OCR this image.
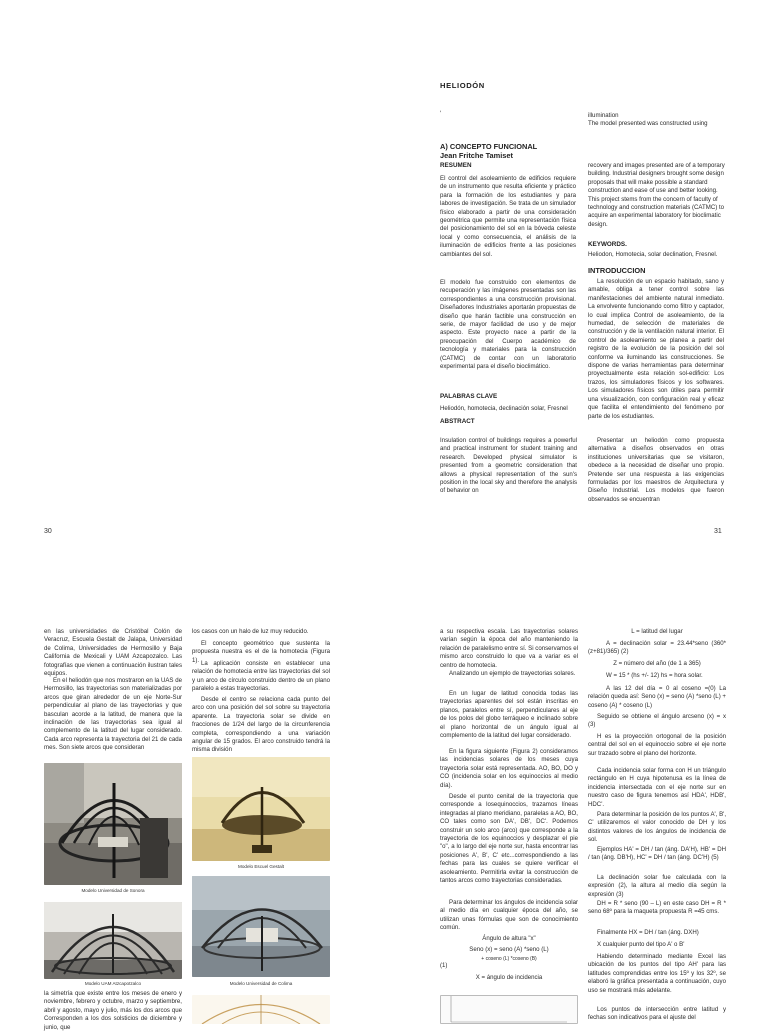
HELIODÓN
‘
A) CONCEPTO FUNCIONAL
Jean Fritche Tamiset
RESUMEN
El control del asoleamiento de edificios requiere de un instrumento que resulta eficiente y práctico para la formación de los estudiantes y para labores de investigación. Se trata de un simulador físico elaborado a partir de una consideración geométrica que permite una representación física del posicionamiento del sol en la bóveda celeste local y como consecuencia, el análisis de la iluminación de edificios frente a las posiciones cambiantes del sol.
El modelo fue construido con elementos de recuperación y las imágenes presentadas son las correspondientes a una construcción provisional. Diseñadores Industriales aportarán propuestas de diseño que harán factible una construcción en serie, de mayor facilidad de uso y de mejor aspecto. Este proyecto nace a partir de la preocupación del Cuerpo académico de tecnología y materiales para la construcción (CATMC) de contar con un laboratorio experimental para el diseño bioclimático.
PALABRAS CLAVE
Heliodón, homotecia, declinación solar, Fresnel
ABSTRACT
Insulation control of buildings requires a powerful and practical instrument for student training and research. Developed physical simulator is presented from a geometric consideration that allows a physical representation of the sun's position in the local sky and therefore the analysis of behavior on
illumination
The model presented was constructed using
recovery and images presented are of a temporary building. Industrial designers brought some design proposals that will make possible a standard construction and ease of use and better looking. This project stems from the concern of faculty of technology and construction materials (CATMC) to acquire an experimental laboratory for bioclimatic design.
KEYWORDS.
Heliodon, Homotecia, solar declination, Fresnel.
INTRODUCCION
La resolución de un espacio habitado, sano y amable, obliga a tener control sobre las manifestaciones del ambiente natural inmediato. La envolvente funcionando como filtro y captador, lo cual implica Control de asoleamiento, de la humedad, de selección de materiales de construcción y de la ventilación natural interior. El control de asoleamiento se planea a partir del registro de la evolución de la posición del sol conforme va iluminando las construcciones. Se dispone de varias herramientas para determinar proyectualmente esta relación sol-edificio: Los trazos, los simuladores físicos y los softwares. Los simuladores físicos son útiles para permitir una visualización, con configuración real y eficaz que facilita el entendimiento del fenómeno por parte de los estudiantes.
Presentar un heliodón como propuesta alternativa a diseños observados en otras instituciones universitarias que se visitaron, obedece a la necesidad de diseñar uno propio. Pretende ser una respuesta a las exigencias formuladas por los maestros de Arquitectura y Diseño Industrial. Los modelos que fueron observados se encuentran
30	31
en las universidades de Cristóbal Colón de Veracruz, Escuela Gestalt de Jalapa, Universidad de Colima, Universidades de Hermosillo y Baja California de Mexicali y UAM Azcapozalco. Las fotografías que vienen a continuación ilustran tales equipos.
En el heliodón que nos mostraron en la UAS de Hermosillo, las trayectorias son materializadas por arcos que giran alrededor de un eje Norte-Sur perpendicular al plano de las trayectorias y que basculan acorde a la latitud, de manera que la inclinación de las trayectorias sea igual al complemento de la latitud del lugar considerado. Cada arco representa la trayectoria del 21 de cada mes. Son siete arcos que consideran
Modelo Universidad de Sonora
Modelo UAM Atzcapotzalco
la simetría que existe entre los meses de enero y noviembre, febrero y octubre, marzo y septiembre, abril y agosto, mayo y julio, más los dos arcos que Corresponden a los dos solsticios de diciembre y junio, que
los casos con un halo de luz muy reducido.
El concepto geométrico que sustenta la propuesta nuestra es el de la homotecia (Figura 1). La aplicación consiste en establecer una relación de homotecia entre las trayectorias del sol y un arco de círculo construido dentro de un plano paralelo a estas trayectorias.
Desde el centro se relaciona cada punto del arco con una posición del sol sobre su trayectoria aparente. La trayectoria solar se divide en fracciones de 1/24 del largo de la circunferencia completa, correspondiendo a una variación angular de 15 grados. El arco construido tendrá la misma división
Modelo Escuel Gestalt
Modelo Universidad de Colima
a su respectiva escala. Las trayectorias solares varían según la época del año manteniendo la relación de paralelismo entre sí. Si conservamos el mismo arco construido lo que va a variar es el centro de homotecia.
Analizando un ejemplo de trayectorias solares.
En un lugar de latitud conocida todas las trayectorias aparentes del sol están inscritas en planos, paralelos entre sí, perpendiculares al eje de los polos del globo terráqueo e inclinado sobre el plano horizontal de un ángulo igual al complemento de la latitud del lugar considerado.
En la figura siguiente (Figura 2) consideramos las incidencias solares de los meses cuya trayectoria solar está representada. AO, BO, DO y CO (incidencia solar en los equinoccios al medio día).
Desde el punto cenital de la trayectoria que corresponde a losequinoccios, trazamos líneas integradas al plano meridiano, paralelas a AO, BO, CO tales como son DA', DB', DC'. Podemos construir un solo arco (arco) que corresponde a la trayectoria de los equinoccios y desplazar el pie "o", a lo largo del eje norte sur, hasta encontrar las posiciones A', B', C' etc...correspondiendo a las fechas para las cuales se quiere verificar el asoleamiento. Permitirla evitar la construcción de tantos arcos como trayectorias consideradas.
Para determinar los ángulos de incidencia solar al medio día en cualquier época del año, se utilizan unas fórmulas que son de conocimiento común.
Ángulo de altura "x"
Seno (x) = seno (A) *seno (L)
+ coseno (L) *coseno (B)
(1)
X = ángulo de incidencia
L = latitud del lugar
A = declinación solar = 23.44*seno (360*(z+81)/365) (2)
Z = número del año (de 1 a 365)
W = 15 * (hs +/- 12) hs = hora solar.
A las 12 del día = 0 al coseno =(0) La relación queda así: Seno (x) = seno (A) *seno (L) + coseno (A) * coseno (L)
Seguido se obtiene el ángulo arcseno (x) = x (3)
H es la proyección ortogonal de la posición central del sol en el equinoccio sobre el eje norte sur trazado sobre el plano del horizonte.
Cada incidencia solar forma con H un triángulo rectángulo en H cuya hipotenusa es la línea de incidencia intersectada con el eje norte sur en nuestro caso de figura tenemos así HDA', HDB', HDC'.
Para determinar la posición de los puntos A', B', C' utilizaremos el valor conocido de DH y los distintos valores de los ángulos de incidencia de sol.
Ejemplos HA' = DH / tan (áng. DA'H), HB' = DH / tan (áng. DB'H), HC' = DH / tan (áng. DC'H) (5)
La declinación solar fue calculada con la expresión (2), la altura al medio día según la expresión (3)
DH = R * seno (90 – L) en este caso DH = R * seno 68º para la maqueta propuesta R =45 cms.
Finalmente HX = DH / tan (áng. DXH)
X cualquier punto del tipo A' o B'
Habiendo determinado mediante Excel las ubicación de los puntos del tipo AH' para las latitudes comprendidas entre los 15º y los 32º, se elaboró la gráfica presentada a continuación, cuyo uso se mostrará más adelante.
Los puntos de intersección entre latitud y fechas son indicativos para el ajuste del
